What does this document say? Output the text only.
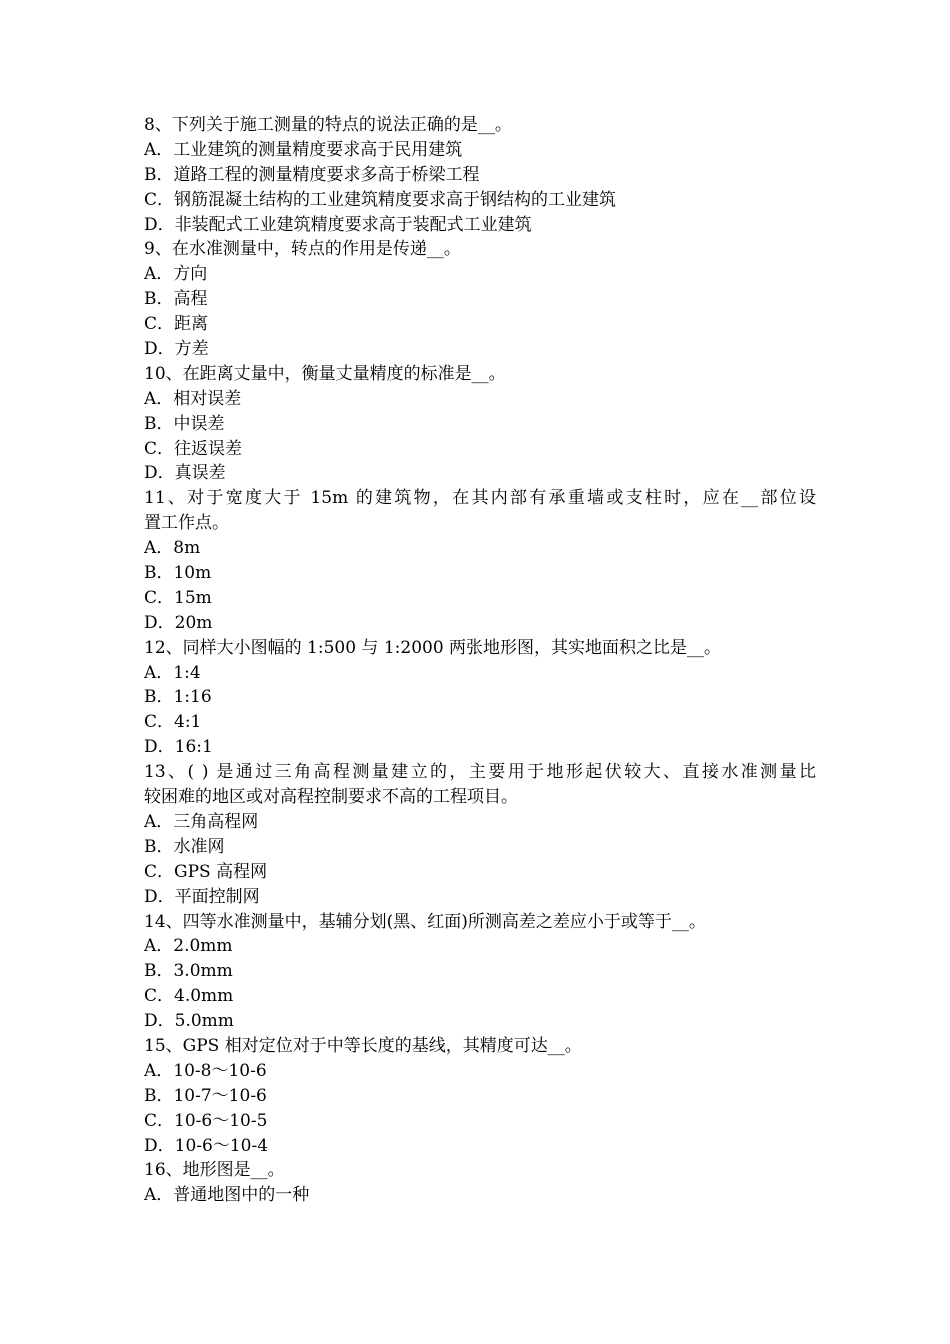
8、下列关于施工测量的特点的说法正确的是__。
A．工业建筑的测量精度要求高于民用建筑
B．道路工程的测量精度要求多高于桥梁工程
C．钢筋混凝土结构的工业建筑精度要求高于钢结构的工业建筑
D．非装配式工业建筑精度要求高于装配式工业建筑
9、在水准测量中，转点的作用是传递__。
A．方向
B．高程
C．距离
D．方差
10、在距离丈量中，衡量丈量精度的标准是__。
A．相对误差
B．中误差
C．往返误差
D．真误差
11、对于宽度大于 15m 的建筑物，在其内部有承重墙或支柱时，应在__部位设
置工作点。
A．8m
B．10m
C．15m
D．20m
12、同样大小图幅的 1:500 与 1:2000 两张地形图，其实地面积之比是__。
A．1:4
B．1:16
C．4:1
D．16:1
13、( ) 是通过三角高程测量建立的，主要用于地形起伏较大、直接水准测量比
较困难的地区或对高程控制要求不高的工程项目。
A．三角高程网
B．水准网
C．GPS 高程网
D．平面控制网
14、四等水准测量中，基辅分划(黑、红面)所测高差之差应小于或等于__。
A．2.0mm
B．3.0mm
C．4.0mm
D．5.0mm
15、GPS 相对定位对于中等长度的基线，其精度可达__。
A．10-8～10-6
B．10-7～10-6
C．10-6～10-5
D．10-6～10-4
16、地形图是__。
A．普通地图中的一种
